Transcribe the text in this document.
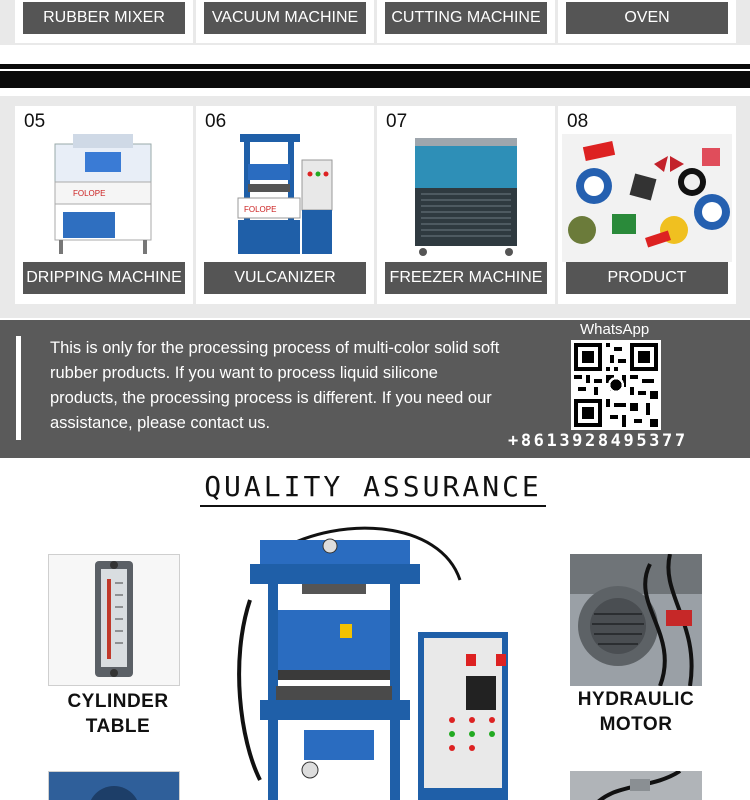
RUBBER MIXER	VACUUM MACHINE	CUTTING MACHINE	OVEN
05
FOLOPE
DRIPPING MACHINE
06
FOLOPE
VULCANIZER
07
FREEZER MACHINE
08
PRODUCT
This is only for the processing process of multi-color solid soft rubber products. If you want to process liquid silicone products, the processing process is different. If you need our assistance, please contact us.
WhatsApp
+8613928495377
QUALITY ASSURANCE
CYLINDER
TABLE
HYDRAULIC
MOTOR
